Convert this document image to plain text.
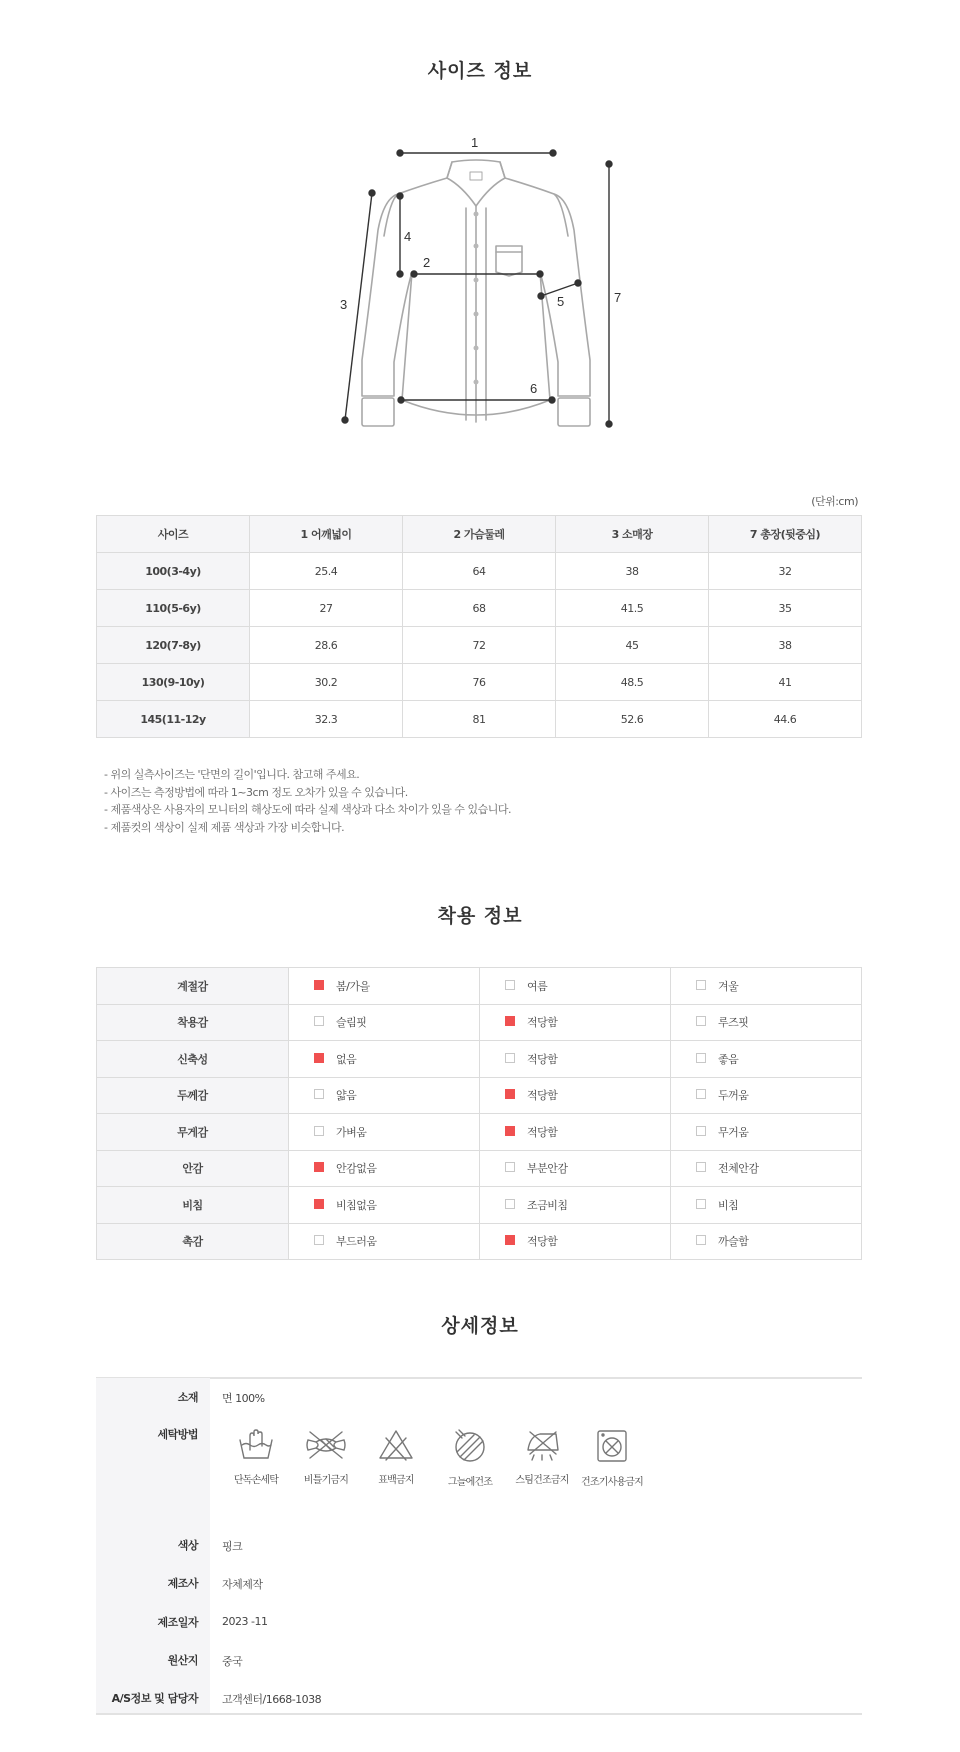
사이즈 정보
1
2
3
4
5
6
7
(단위:cm)
사이즈	1 어깨넓이	2 가슴둘레	3 소매장	7 총장(뒷중심)
100(3-4y)	25.4	64	38	32
110(5-6y)	27	68	41.5	35
120(7-8y)	28.6	72	45	38
130(9-10y)	30.2	76	48.5	41
145(11-12y	32.3	81	52.6	44.6
- 위의 실측사이즈는 '단면의 길이'입니다. 참고해 주세요.
- 사이즈는 측정방법에 따라 1~3cm 정도 오차가 있을 수 있습니다.
- 제품색상은 사용자의 모니터의 해상도에 따라 실제 색상과 다소 차이가 있을 수 있습니다.
- 제품컷의 색상이 실제 제품 색상과 가장 비슷합니다.
착용 정보
계절감	봄/가을	여름	겨울
착용감	슬림핏	적당함	루즈핏
신축성	없음	적당함	좋음
두께감	얇음	적당함	두꺼움
무게감	가벼움	적당함	무거움
안감	안감없음	부분안감	전체안감
비침	비침없음	조금비침	비침
촉감	부드러움	적당함	까슬함
상세정보
소재 면 100%
세탁방법
단독손세탁	비틀기금지	표백금지	그늘에건조	스팀건조금지	건조기사용금지
색상 핑크
제조사 자체제작
제조일자 2023 -11
원산지 중국
A/S정보 및 담당자 고객센터/1668-1038
